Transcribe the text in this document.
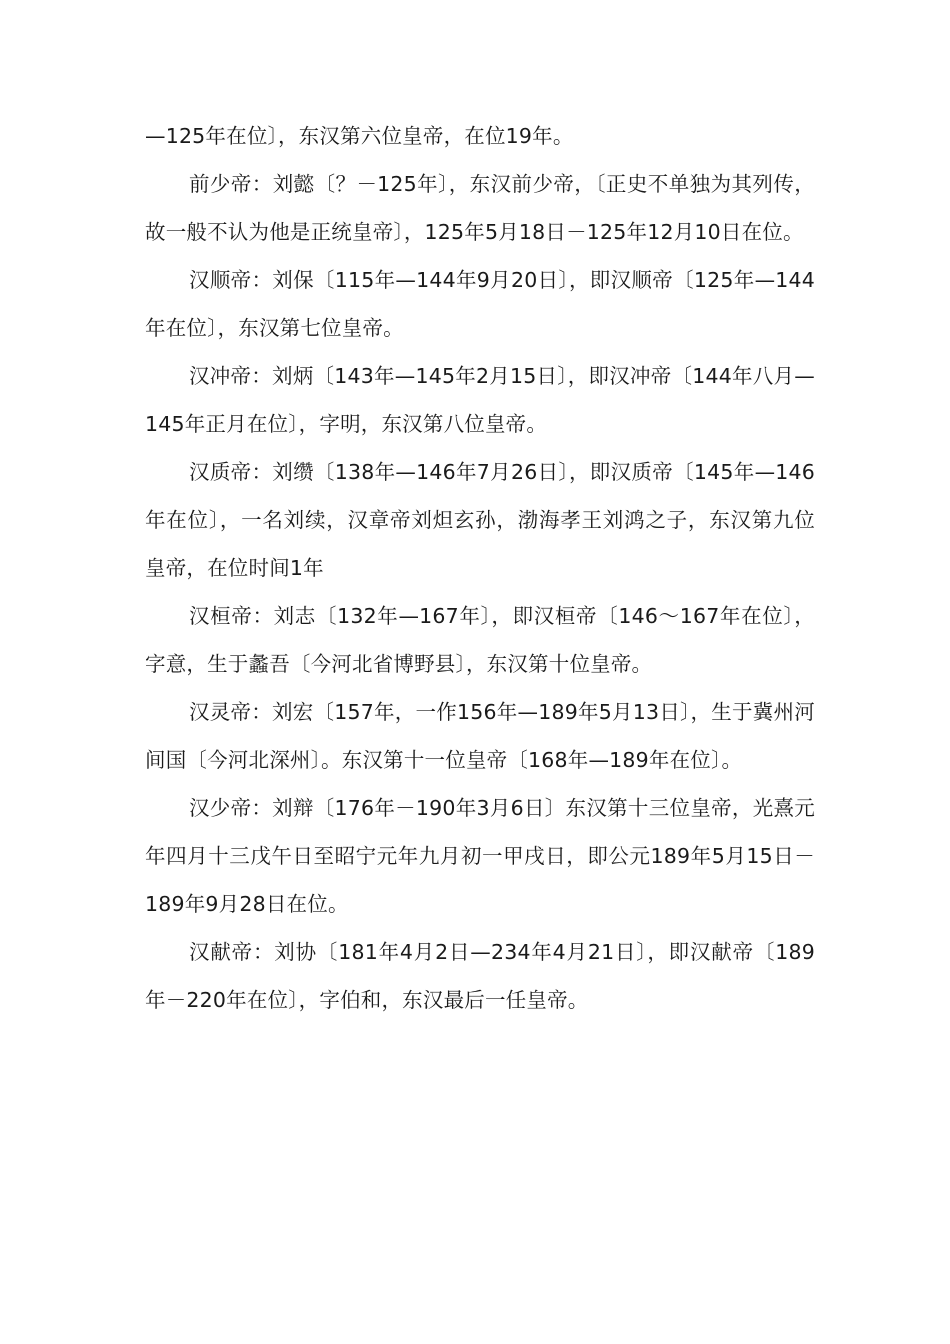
—125年在位〕，东汉第六位皇帝，在位19年。

前少帝：刘懿〔？－125年〕，东汉前少帝，〔正史不单独为其列传，故一般不认为他是正统皇帝〕，125年5月18日－125年12月10日在位。

汉顺帝：刘保〔115年—144年9月20日〕，即汉顺帝〔125年—144年在位〕，东汉第七位皇帝。

汉冲帝：刘炳〔143年—145年2月15日〕，即汉冲帝〔144年八月—145年正月在位〕，字明，东汉第八位皇帝。

汉质帝：刘缵〔138年—146年7月26日〕，即汉质帝〔145年—146年在位〕，一名刘续，汉章帝刘炟玄孙，渤海孝王刘鸿之子，东汉第九位皇帝，在位时间1年

汉桓帝：刘志〔132年—167年〕，即汉桓帝〔146～167年在位〕，字意，生于蠡吾〔今河北省博野县〕，东汉第十位皇帝。

汉灵帝：刘宏〔157年，一作156年—189年5月13日〕，生于冀州河间国〔今河北深州〕。东汉第十一位皇帝〔168年—189年在位〕。

汉少帝：刘辩〔176年－190年3月6日〕东汉第十三位皇帝，光熹元年四月十三戊午日至昭宁元年九月初一甲戌日，即公元189年5月15日－189年9月28日在位。

汉献帝：刘协〔181年4月2日—234年4月21日〕，即汉献帝〔189年－220年在位〕，字伯和，东汉最后一任皇帝。
